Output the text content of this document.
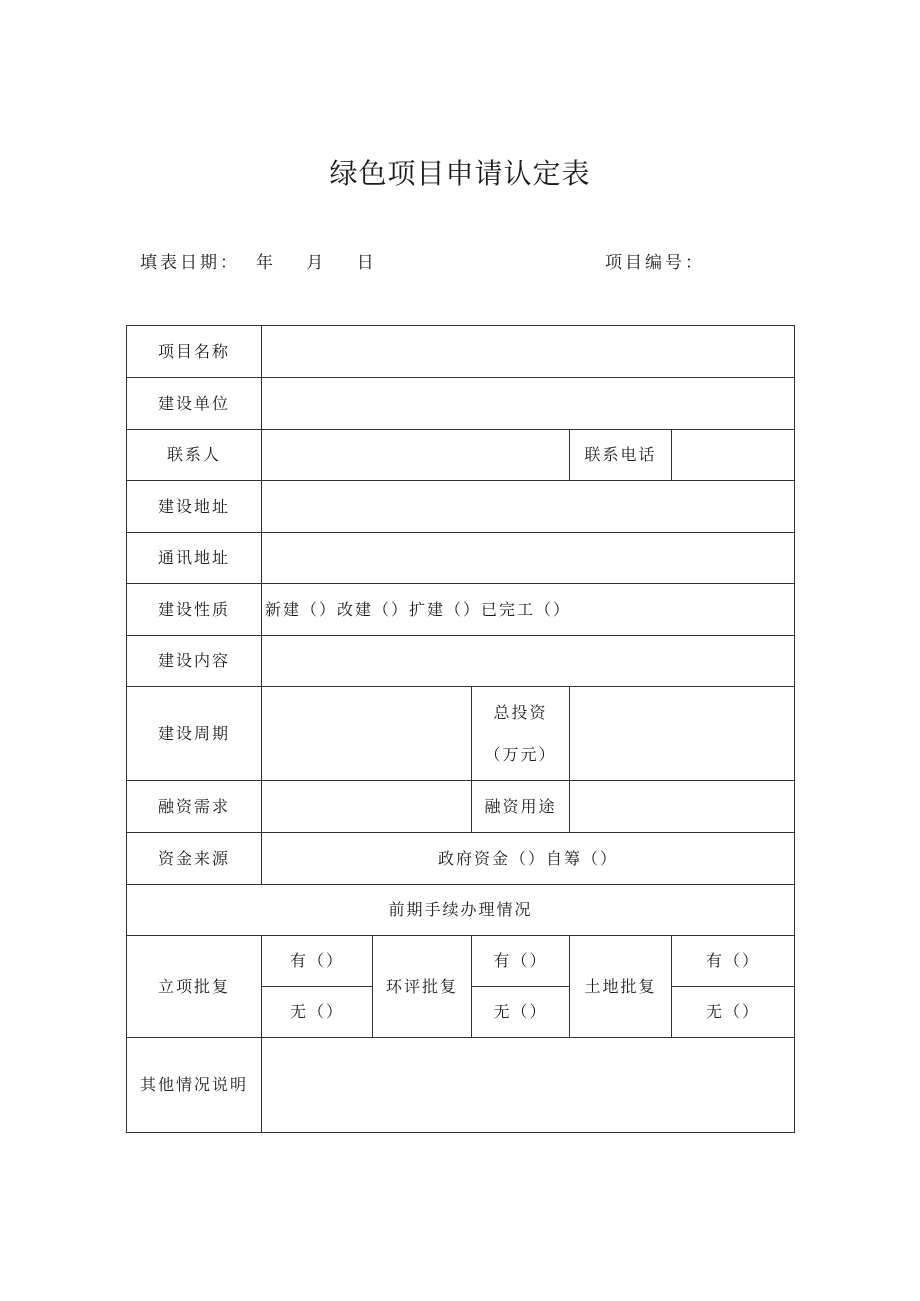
绿色项目申请认定表
填表日期： 年 月 日	项目编号：
项目名称					
建设单位					
联系人				联系电话	
建设地址					
通讯地址					
建设性质	新建（）改建（）扩建（）已完工（）				
建设内容					
建设周期			总投资
（万元）		

融资需求			融资用途		
资金来源	政府资金（）自筹（）				
前期手续办理情况					
立项批复	有（）	环评批复	有（）	土地批复	有（）
	无（）		无（）		无（）
其他情况说明					
